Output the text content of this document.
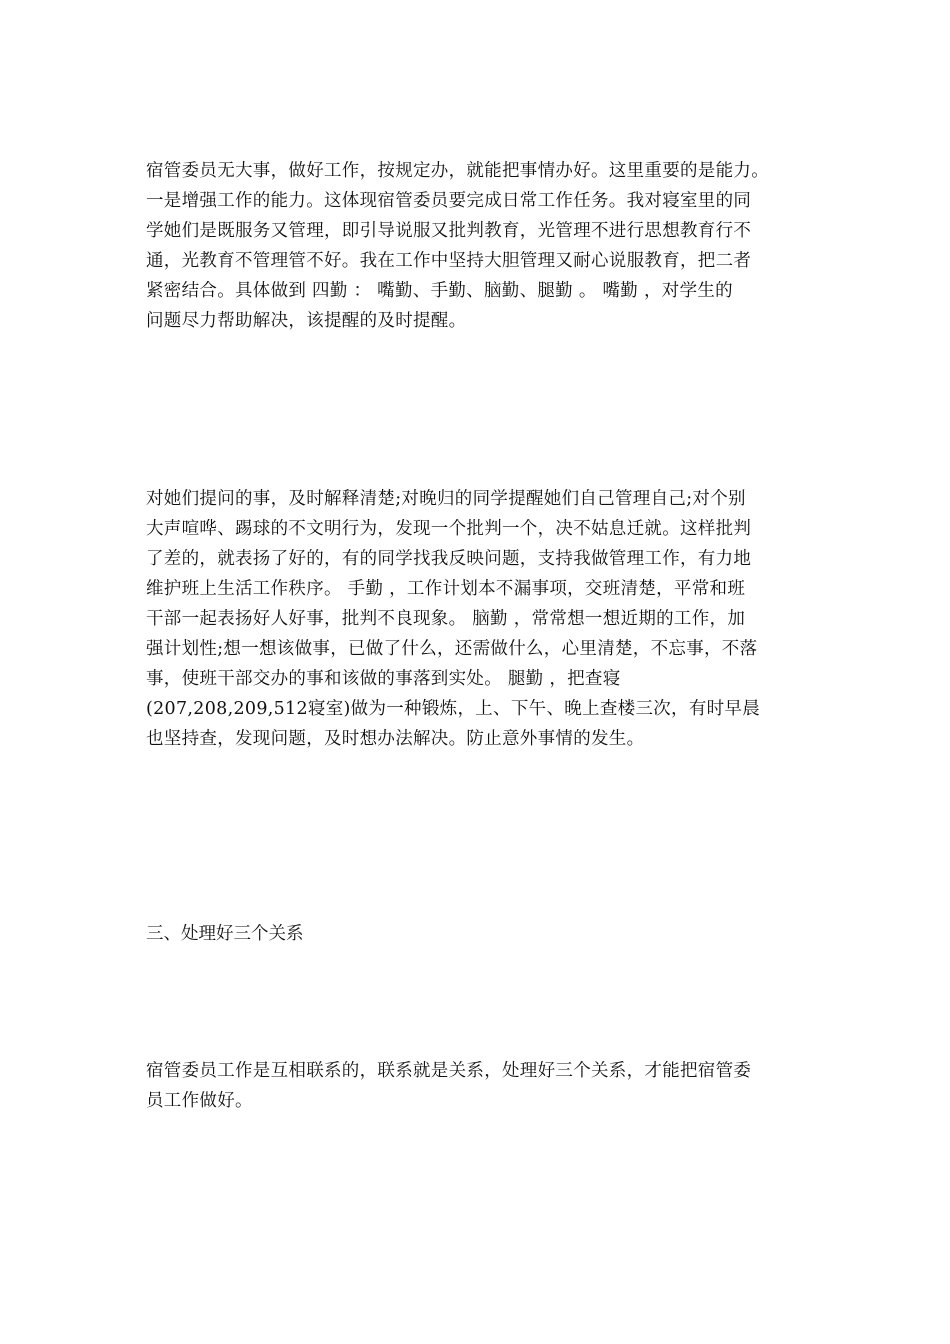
宿管委员无大事，做好工作，按规定办，就能把事情办好。这里重要的是能力。
一是增强工作的能力。这体现宿管委员要完成日常工作任务。我对寝室里的同
学她们是既服务又管理，即引导说服又批判教育，光管理不进行思想教育行不
通，光教育不管理管不好。我在工作中坚持大胆管理又耐心说服教育，把二者
紧密结合。具体做到 四勤 ： 嘴勤、手勤、脑勤、腿勤 。 嘴勤 ，对学生的
问题尽力帮助解决，该提醒的及时提醒。
对她们提问的事，及时解释清楚;对晚归的同学提醒她们自己管理自己;对个别
大声喧哗、踢球的不文明行为，发现一个批判一个，决不姑息迁就。这样批判
了差的，就表扬了好的，有的同学找我反映问题，支持我做管理工作，有力地
维护班上生活工作秩序。 手勤 ，工作计划本不漏事项，交班清楚，平常和班
干部一起表扬好人好事，批判不良现象。 脑勤 ，常常想一想近期的工作，加
强计划性;想一想该做事，已做了什么，还需做什么，心里清楚，不忘事，不落
事，使班干部交办的事和该做的事落到实处。 腿勤 ，把查寝
(207,208,209,512寝室)做为一种锻炼，上、下午、晚上查楼三次，有时早晨
也坚持查，发现问题，及时想办法解决。防止意外事情的发生。
三、处理好三个关系
宿管委员工作是互相联系的，联系就是关系，处理好三个关系，才能把宿管委
员工作做好。
